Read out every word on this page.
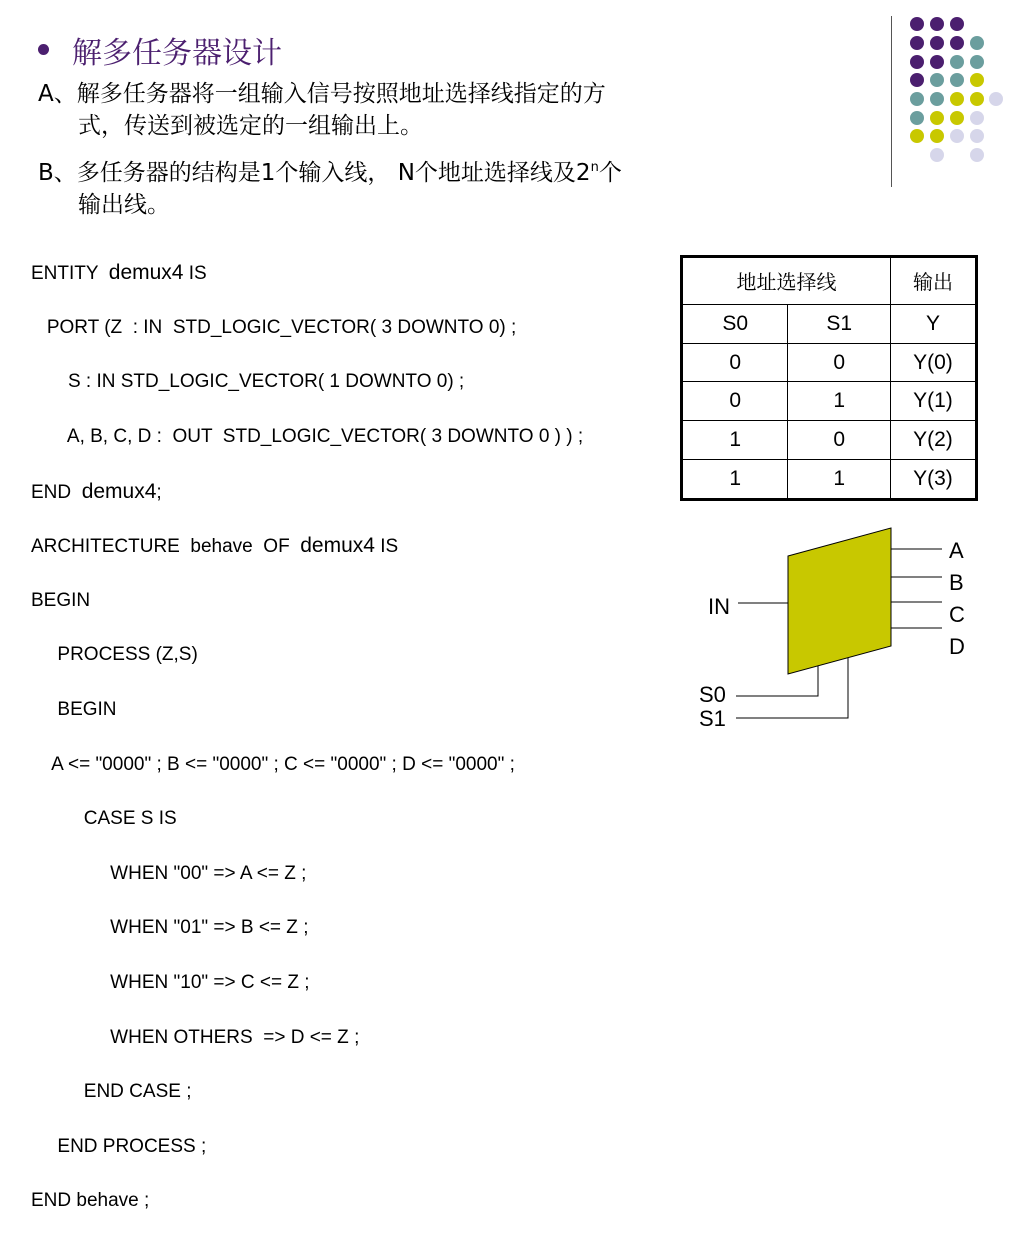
解多任务器设计
A、解多任务器将一组输入信号按照地址选择线指定的方
式，传送到被选定的一组输出上。
B、多任务器的结构是1个输入线， N个地址选择线及2$^n$个
输出线。

ENTITY  demux4 IS

PORT (Z  : IN  STD_LOGIC_VECTOR( 3 DOWNTO 0) ;

S : IN STD_LOGIC_VECTOR( 1 DOWNTO 0) ;

A, B, C, D :  OUT  STD_LOGIC_VECTOR( 3 DOWNTO 0 ) ) ;

END  demux4;

ARCHITECTURE  behave  OF  demux4 IS

BEGIN

PROCESS (Z,S)

BEGIN

A <= "0000" ; B <= "0000" ; C <= "0000" ; D <= "0000" ;

CASE S IS

WHEN "00" => A <= Z ;

WHEN "01" => B <= Z ;

WHEN "10" => C <= Z ;

WHEN OTHERS  => D <= Z ;

END CASE ;

END PROCESS ;

END behave ;

地址选择线		输出
S0	S1	Y
0	0	Y(0)
0	1	Y(1)
1	0	Y(2)
1	1	Y(3)
IN
A
B
C
D
S0
S1
